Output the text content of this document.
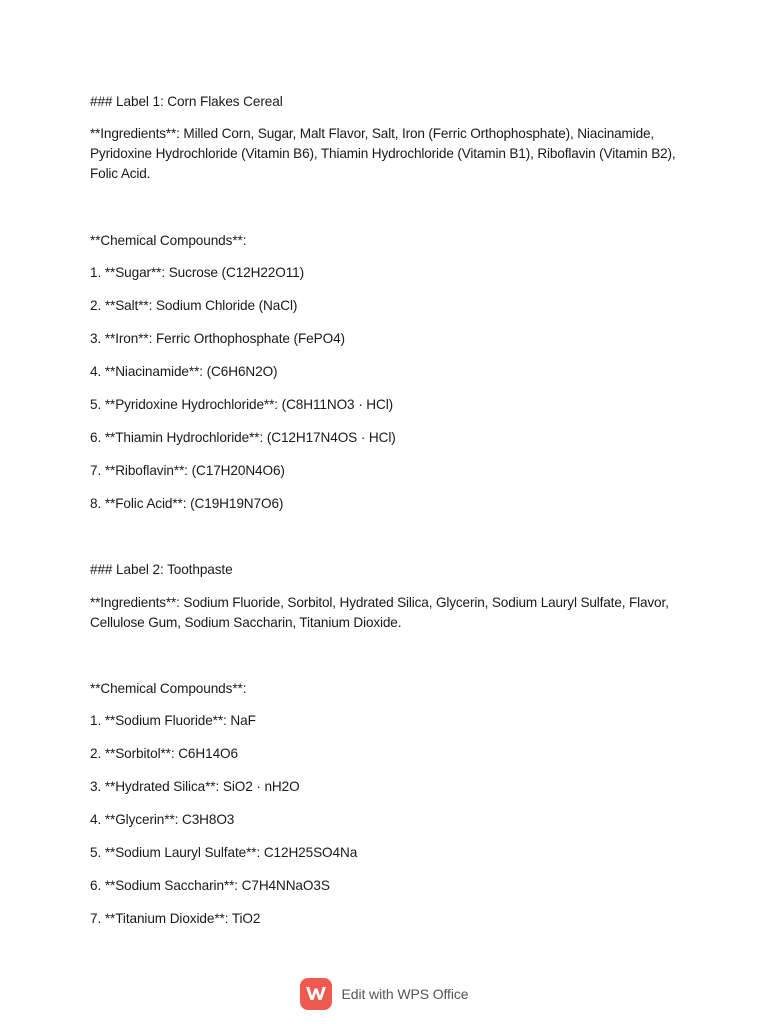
### Label 1: Corn Flakes Cereal
**Ingredients**: Milled Corn, Sugar, Malt Flavor, Salt, Iron (Ferric Orthophosphate), Niacinamide, Pyridoxine Hydrochloride (Vitamin B6), Thiamin Hydrochloride (Vitamin B1), Riboflavin (Vitamin B2), Folic Acid.
**Chemical Compounds**:
1. **Sugar**: Sucrose (C12H22O11)
2. **Salt**: Sodium Chloride (NaCl)
3. **Iron**: Ferric Orthophosphate (FePO4)
4. **Niacinamide**: (C6H6N2O)
5. **Pyridoxine Hydrochloride**: (C8H11NO3 · HCl)
6. **Thiamin Hydrochloride**: (C12H17N4OS · HCl)
7. **Riboflavin**: (C17H20N4O6)
8. **Folic Acid**: (C19H19N7O6)
### Label 2: Toothpaste
**Ingredients**: Sodium Fluoride, Sorbitol, Hydrated Silica, Glycerin, Sodium Lauryl Sulfate, Flavor, Cellulose Gum, Sodium Saccharin, Titanium Dioxide.
**Chemical Compounds**:
1. **Sodium Fluoride**: NaF
2. **Sorbitol**: C6H14O6
3. **Hydrated Silica**: SiO2 · nH2O
4. **Glycerin**: C3H8O3
5. **Sodium Lauryl Sulfate**: C12H25SO4Na
6. **Sodium Saccharin**: C7H4NNaO3S
7. **Titanium Dioxide**: TiO2
Edit with WPS Office
